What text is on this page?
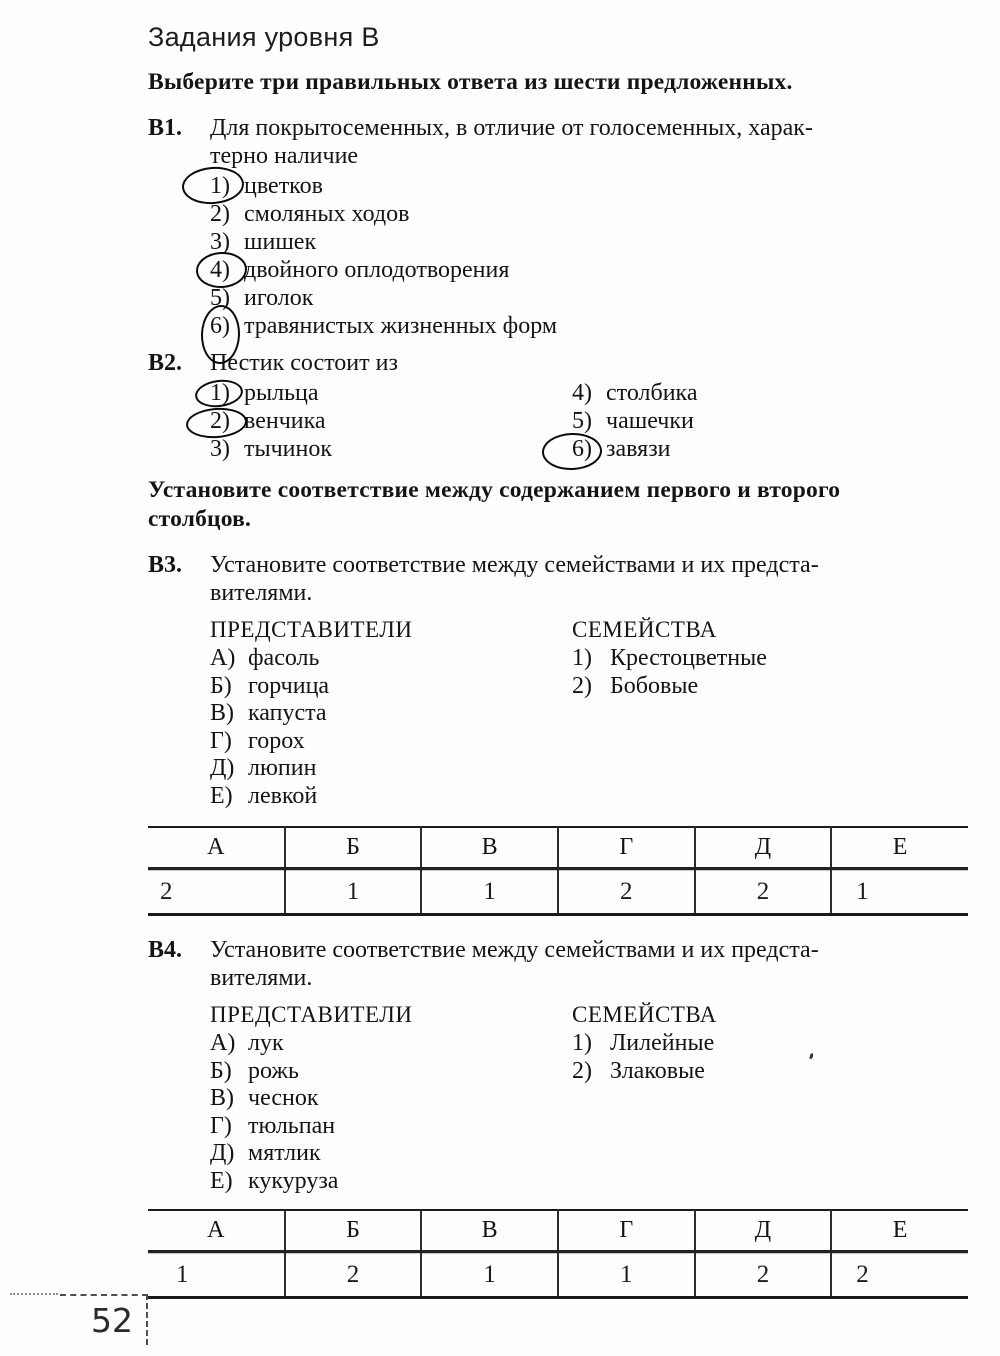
Задания уровня В
Выберите три правильных ответа из шести предложенных.
В1.	Для покрытосеменных, в отличие от голосеменных, харак-
терно наличие
1) цветков
2) смоляных ходов
3) шишек
4) двойного оплодотворения
5) иголок
6) травянистых жизненных форм
В2.	Пестик состоит из
1) рыльца
2) венчика
3) тычинок
4) столбика
5) чашечки
6) завязи
Установите соответствие между содержанием первого и второго
столбцов.
В3.	Установите соответствие между семействами и их предста-
вителями.
ПРЕДСТАВИТЕЛИ
А) фасоль
Б) горчица
В) капуста
Г) горох
Д) люпин
Е) левкой
СЕМЕЙСТВА
1) Крестоцветные
2) Бобовые
А	Б	В	Г	Д	Е
2	1	1	2	2	1
В4.	Установите соответствие между семействами и их предста-
вителями.
ПРЕДСТАВИТЕЛИ
А) лук
Б) рожь
В) чеснок
Г) тюльпан
Д) мятлик
Е) кукуруза
СЕМЕЙСТВА
1) Лилейные
2) Злаковые
А	Б	В	Г	Д	Е
1	2	1	1	2	2
52
